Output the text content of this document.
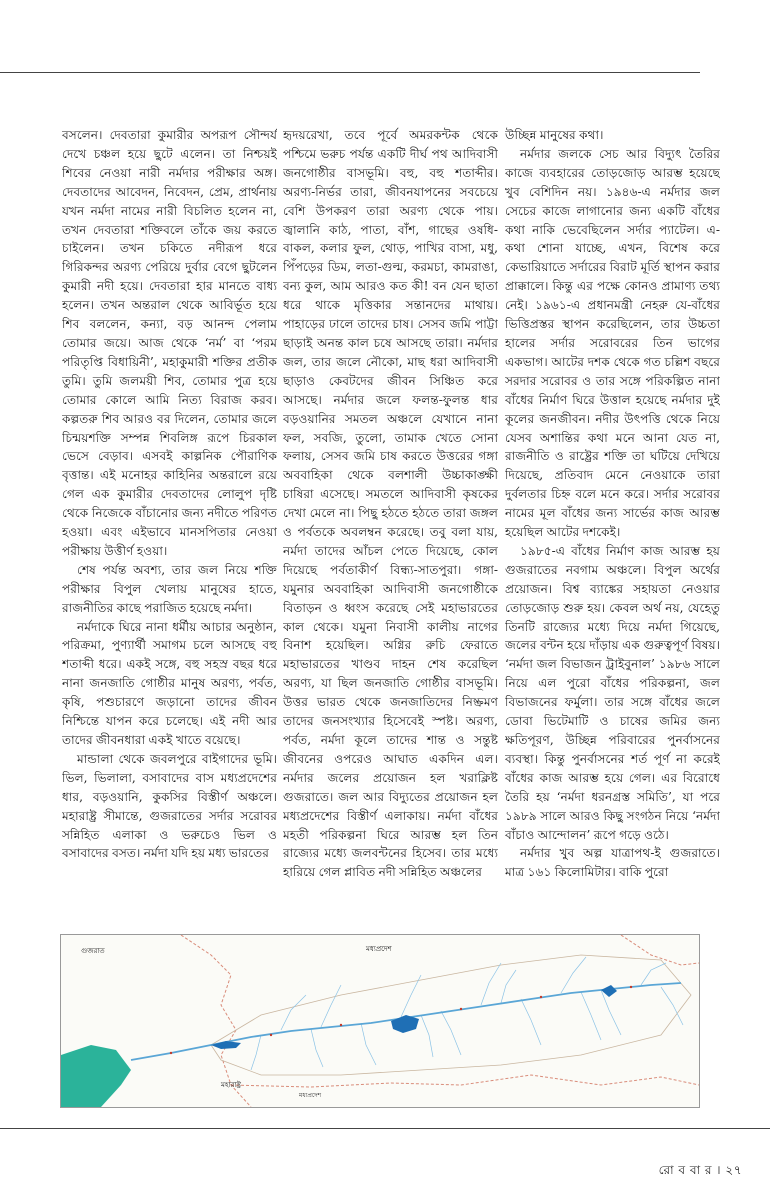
বসলেন। দেবতারা কুমারীর অপরূপ সৌন্দর্য দেখে চঞ্চল হয়ে ছুটে এলেন। তা নিশ্চয়ই শিবের নেওয়া নারী নর্মদার পরীক্ষার অঙ্গ। দেবতাদের আবেদন, নিবেদন, প্রেম, প্রার্থনায় যখন নর্মদা নামের নারী বিচলিত হলেন না, তখন দেবতারা শক্তিবলে তাঁকে জয় করতে চাইলেন। তখন চকিতে নদীরূপ ধরে গিরিকন্দর অরণ্য পেরিয়ে দুর্বার বেগে ছুটলেন কুমারী নদী হয়ে। দেবতারা হার মানতে বাধ্য হলেন। তখন অন্তরাল থেকে আবির্ভূত হয়ে শিব বললেন, কন্যা, বড় আনন্দ পেলাম তোমার জয়ে। আজ থেকে ‘নর্ম’ বা ‘পরম পরিতৃপ্তি বিধায়িনী’, মহাকুমারী শক্তির প্রতীক তুমি। তুমি জলময়ী শিব, তোমার পুত্র হয়ে তোমার কোলে আমি নিত্য বিরাজ করব। কল্পতরু শিব আরও বর দিলেন, তোমার জলে চিন্ময়শক্তি সম্পন্ন শিবলিঙ্গ রূপে চিরকাল ভেসে বেড়াব। এসবই কাল্পনিক পৌরাণিক বৃত্তান্ত। এই মনোহর কাহিনির অন্তরালে রয়ে গেল এক কুমারীর দেবতাদের লোলুপ দৃষ্টি থেকে নিজেকে বাঁচানোর জন্য নদীতে পরিণত হওয়া। এবং এইভাবে মানসপিতার নেওয়া পরীক্ষায় উত্তীর্ণ হওয়া।

শেষ পর্যন্ত অবশ্য, তার জল নিয়ে শক্তি পরীক্ষার বিপুল খেলায় মানুষের হাতে, রাজনীতির কাছে পরাজিত হয়েছে নর্মদা।

নর্মদাকে ঘিরে নানা ধর্মীয় আচার অনুষ্ঠান, পরিক্রমা, পুণ্যার্থী সমাগম চলে আসছে বহু শতাব্দী ধরে। একই সঙ্গে, বহু সহস্র বছর ধরে নানা জনজাতি গোষ্ঠীর মানুষ অরণ্য, পর্বত, কৃষি, পশুচারণে জড়ানো তাদের জীবন নিশ্চিন্তে যাপন করে চলেছে। এই নদী আর তাদের জীবনধারা একই খাতে বয়েছে।

মান্ডালা থেকে জবলপুরে বাইগাদের ভূমি। ভিল, ভিলালা, বসাবাদের বাস মধ্যপ্রদেশের ধার, বড়ওয়ানি, কুকসির বিস্তীর্ণ অঞ্চলে। মহারাষ্ট্র সীমান্তে, গুজরাতের সর্দার সরোবর সন্নিহিত এলাকা ও ভরুচেও ভিল ও বসাবাদের বসত। নর্মদা যদি হয় মধ্য ভারতের

হৃদয়রেখা, তবে পূর্বে অমরকন্টক থেকে পশ্চিমে ভরুচ পর্যন্ত একটি দীর্ঘ পথ আদিবাসী জনগোষ্ঠীর বাসভূমি। বহু, বহু শতাব্দীর। অরণ্য-নির্ভর তারা, জীবনযাপনের সবচেয়ে বেশি উপকরণ তারা অরণ্য থেকে পায়। জ্বালানি কাঠ, পাতা, বাঁশ, গাছের ওষধি-বাকল, কলার ফুল, থোড়, পাখির বাসা, মধু, পিঁপড়ের ডিম, লতা-গুল্ম, করমচা, কামরাঙা, বন্য কুল, আম আরও কত কী! বন যেন ছাতা ধরে থাকে মৃত্তিকার সন্তানদের মাথায়। পাহাড়ের ঢালে তাদের চাষ। সেসব জমি পাট্টা ছাড়াই অনন্ত কাল চষে আসছে তারা। নর্মদার জল, তার জলে নৌকো, মাছ ধরা আদিবাসী ছাড়াও কেবটদের জীবন সিঞ্চিত করে আসছে। নর্মদার জলে ফলন্ত-ফুলন্ত ধার বড়ওয়ানির সমতল অঞ্চলে যেখানে নানা ফল, সবজি, তুলো, তামাক খেতে সোনা ফলায়, সেসব জমি চাষ করতে উত্তরের গঙ্গা অববাহিকা থেকে বলশালী উচ্চাকাঙ্ক্ষী চাষিরা এসেছে। সমতলে আদিবাসী কৃষকের দেখা মেলে না। পিছু হঠতে হঠতে তারা জঙ্গল ও পর্বতকে অবলম্বন করেছে। তবু বলা যায়, নর্মদা তাদের আঁচল পেতে দিয়েছে, কোল দিয়েছে পর্বতাকীর্ণ বিন্ধ্য-সাতপুরা। গঙ্গা-যমুনার অববাহিকা আদিবাসী জনগোষ্ঠীকে বিতাড়ন ও ধ্বংস করেছে সেই মহাভারতের কাল থেকে। যমুনা নিবাসী কালীয় নাগের বিনাশ হয়েছিল। অগ্নির রুচি ফেরাতে মহাভারতের খাণ্ডব দাহন শেষ করেছিল অরণ্য, যা ছিল জনজাতি গোষ্ঠীর বাসভূমি। উত্তর ভারত থেকে জনজাতিদের নিষ্ক্রমণ তাদের জনসংখ্যার হিসেবেই স্পষ্ট। অরণ্য, পর্বত, নর্মদা কূলে তাদের শান্ত ও সন্তুষ্ট জীবনের ওপরেও আঘাত একদিন এল। নর্মদার জলের প্রয়োজন হল খরাক্লিষ্ট গুজরাতে। জল আর বিদ্যুতের প্রয়োজন হল মধ্যপ্রদেশের বিস্তীর্ণ এলাকায়। নর্মদা বাঁধের মহতী পরিকল্পনা ঘিরে আরম্ভ হল তিন রাজ্যের মধ্যে জলবন্টনের হিসেব। তার মধ্যে হারিয়ে গেল প্লাবিত নদী সন্নিহিত অঞ্চলের

উচ্ছিন্ন মানুষের কথা।

নর্মদার জলকে সেচ আর বিদ্যুৎ তৈরির কাজে ব্যবহারের তোড়জোড় আরম্ভ হয়েছে খুব বেশিদিন নয়। ১৯৪৬-এ নর্মদার জল সেচের কাজে লাগানোর জন্য একটি বাঁধের কথা নাকি ভেবেছিলেন সর্দার প্যাটেল। এ-কথা শোনা যাচ্ছে, এখন, বিশেষ করে কেভারিয়াতে সর্দারের বিরাট মূর্তি স্থাপন করার প্রাক্কালে। কিন্তু এর পক্ষে কোনও প্রামাণ্য তথ্য নেই। ১৯৬১-এ প্রধানমন্ত্রী নেহরু যে-বাঁধের ভিত্তিপ্রস্তর স্থাপন করেছিলেন, তার উচ্চতা হালের সর্দার সরোবরের তিন ভাগের একভাগ। আটের দশক থেকে গত চল্লিশ বছরে সরদার সরোবর ও তার সঙ্গে পরিকল্পিত নানা বাঁধের নির্মাণ ঘিরে উত্তাল হয়েছে নর্মদার দুই কূলের জনজীবন। নদীর উৎপত্তি থেকে নিয়ে যেসব অশান্তির কথা মনে আনা যেত না, রাজনীতি ও রাষ্ট্রের শক্তি তা ঘটিয়ে দেখিয়ে দিয়েছে, প্রতিবাদ মেনে নেওয়াকে তারা দুর্বলতার চিহ্ন বলে মনে করে। সর্দার সরোবর নামের মূল বাঁধের জন্য সার্ভের কাজ আরম্ভ হয়েছিল আটের দশকেই।

১৯৮৫-এ বাঁধের নির্মাণ কাজ আরম্ভ হয় গুজরাতের নবগাম অঞ্চলে। বিপুল অর্থের প্রয়োজন। বিশ্ব ব্যাঙ্কের সহায়তা নেওয়ার তোড়জোড় শুরু হয়। কেবল অর্থ নয়, যেহেতু তিনটি রাজ্যের মধ্যে দিয়ে নর্মদা গিয়েছে, জলের বন্টন হয়ে দাঁড়ায় এক গুরুত্বপূর্ণ বিষয়। ‘নর্মদা জল বিভাজন ট্রাইবুনাল’ ১৯৮৬ সালে নিয়ে এল পুরো বাঁধের পরিকল্পনা, জল বিভাজনের ফর্মুলা। তার সঙ্গে বাঁধের জলে ডোবা ভিটেমাটি ও চাষের জমির জন্য ক্ষতিপূরণ, উচ্ছিন্ন পরিবারের পুনর্বাসনের ব্যবস্থা। কিন্তু পুনর্বাসনের শর্ত পূর্ণ না করেই বাঁধের কাজ আরম্ভ হয়ে গেল। এর বিরোধে তৈরি হয় ‘নর্মদা ধরনগ্রস্ত সমিতি’, যা পরে ১৯৮৯ সালে আরও কিছু সংগঠন নিয়ে ‘নর্মদা বাঁচাও আন্দোলন’ রূপে গড়ে ওঠে।

নর্মদার খুব অল্প যাত্রাপথ-ই গুজরাতে। মাত্র ১৬১ কিলোমিটার। বাকি পুরো

গুজরাত	মধ্যপ্রদেশ
মহারাষ্ট্র
মধ্যপ্রদেশ
রো ব বা র । ২৭
